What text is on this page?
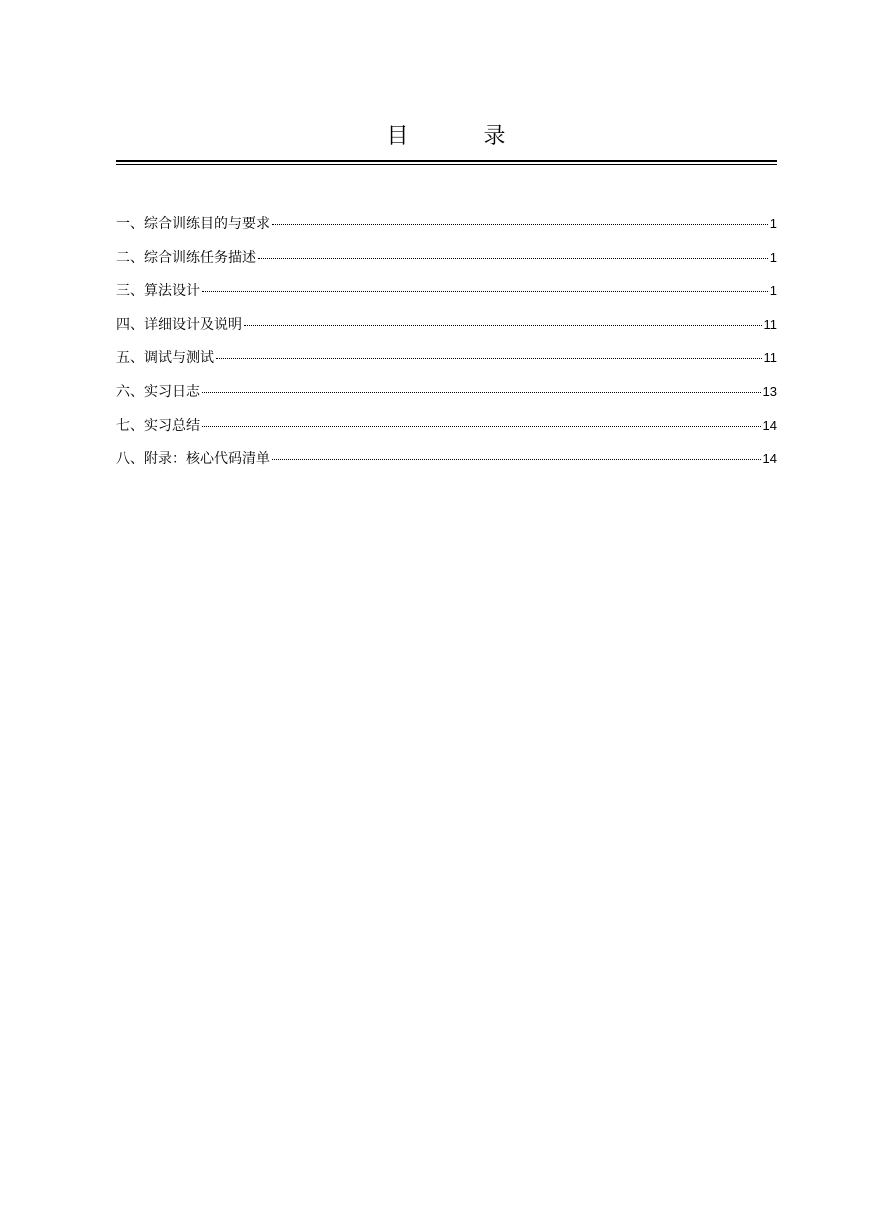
目 录
一、综合训练目的与要求	1
二、综合训练任务描述	1
三、算法设计	1
四、详细设计及说明	11
五、调试与测试	11
六、实习日志	13
七、实习总结	14
八、附录：核心代码清单	14
